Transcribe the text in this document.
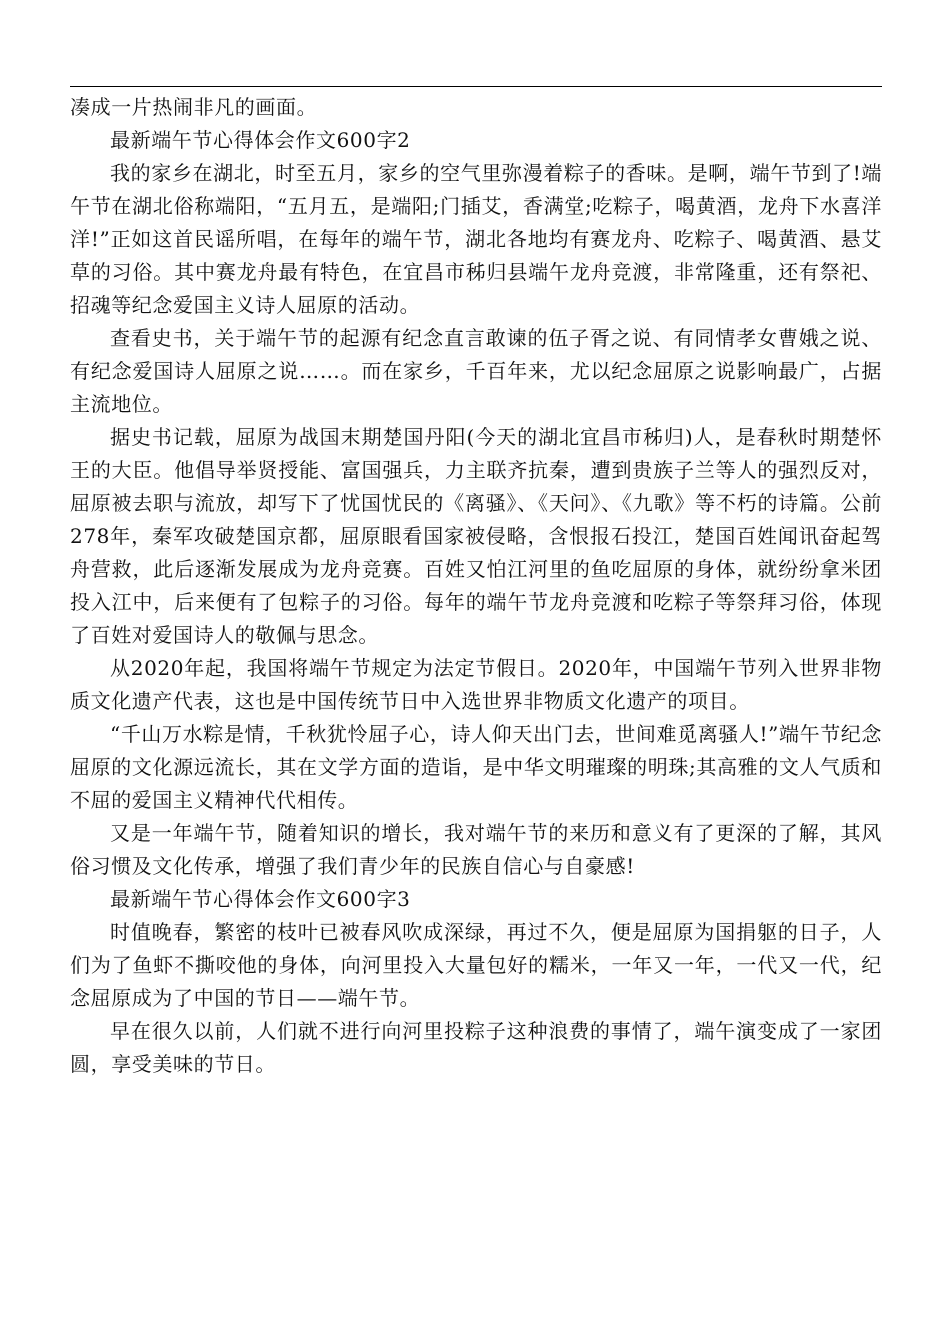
凑成一片热闹非凡的画面。

最新端午节心得体会作文600字2

我的家乡在湖北，时至五月，家乡的空气里弥漫着粽子的香味。是啊，端午节到了!端午节在湖北俗称端阳，“五月五，是端阳;门插艾，香满堂;吃粽子，喝黄酒，龙舟下水喜洋洋!”正如这首民谣所唱，在每年的端午节，湖北各地均有赛龙舟、吃粽子、喝黄酒、悬艾草的习俗。其中赛龙舟最有特色，在宜昌市秭归县端午龙舟竞渡，非常隆重，还有祭祀、招魂等纪念爱国主义诗人屈原的活动。

查看史书，关于端午节的起源有纪念直言敢谏的伍子胥之说、有同情孝女曹娥之说、有纪念爱国诗人屈原之说……。而在家乡，千百年来，尤以纪念屈原之说影响最广，占据主流地位。

据史书记载，屈原为战国末期楚国丹阳(今天的湖北宜昌市秭归)人，是春秋时期楚怀王的大臣。他倡导举贤授能、富国强兵，力主联齐抗秦，遭到贵族子兰等人的强烈反对，屈原被去职与流放，却写下了忧国忧民的《离骚》、《天问》、《九歌》等不朽的诗篇。公前278年，秦军攻破楚国京都，屈原眼看国家被侵略，含恨报石投江，楚国百姓闻讯奋起驾舟营救，此后逐渐发展成为龙舟竞赛。百姓又怕江河里的鱼吃屈原的身体，就纷纷拿米团投入江中，后来便有了包粽子的习俗。每年的端午节龙舟竞渡和吃粽子等祭拜习俗，体现了百姓对爱国诗人的敬佩与思念。

从2020年起，我国将端午节规定为法定节假日。2020年，中国端午节列入世界非物质文化遗产代表，这也是中国传统节日中入选世界非物质文化遗产的项目。

“千山万水粽是情，千秋犹怜屈子心，诗人仰天出门去，世间难觅离骚人!”端午节纪念屈原的文化源远流长，其在文学方面的造诣，是中华文明璀璨的明珠;其高雅的文人气质和不屈的爱国主义精神代代相传。

又是一年端午节，随着知识的增长，我对端午节的来历和意义有了更深的了解，其风俗习惯及文化传承，增强了我们青少年的民族自信心与自豪感!

最新端午节心得体会作文600字3

时值晚春，繁密的枝叶已被春风吹成深绿，再过不久，便是屈原为国捐躯的日子，人们为了鱼虾不撕咬他的身体，向河里投入大量包好的糯米，一年又一年，一代又一代，纪念屈原成为了中国的节日——端午节。

早在很久以前，人们就不进行向河里投粽子这种浪费的事情了，端午演变成了一家团圆，享受美味的节日。
